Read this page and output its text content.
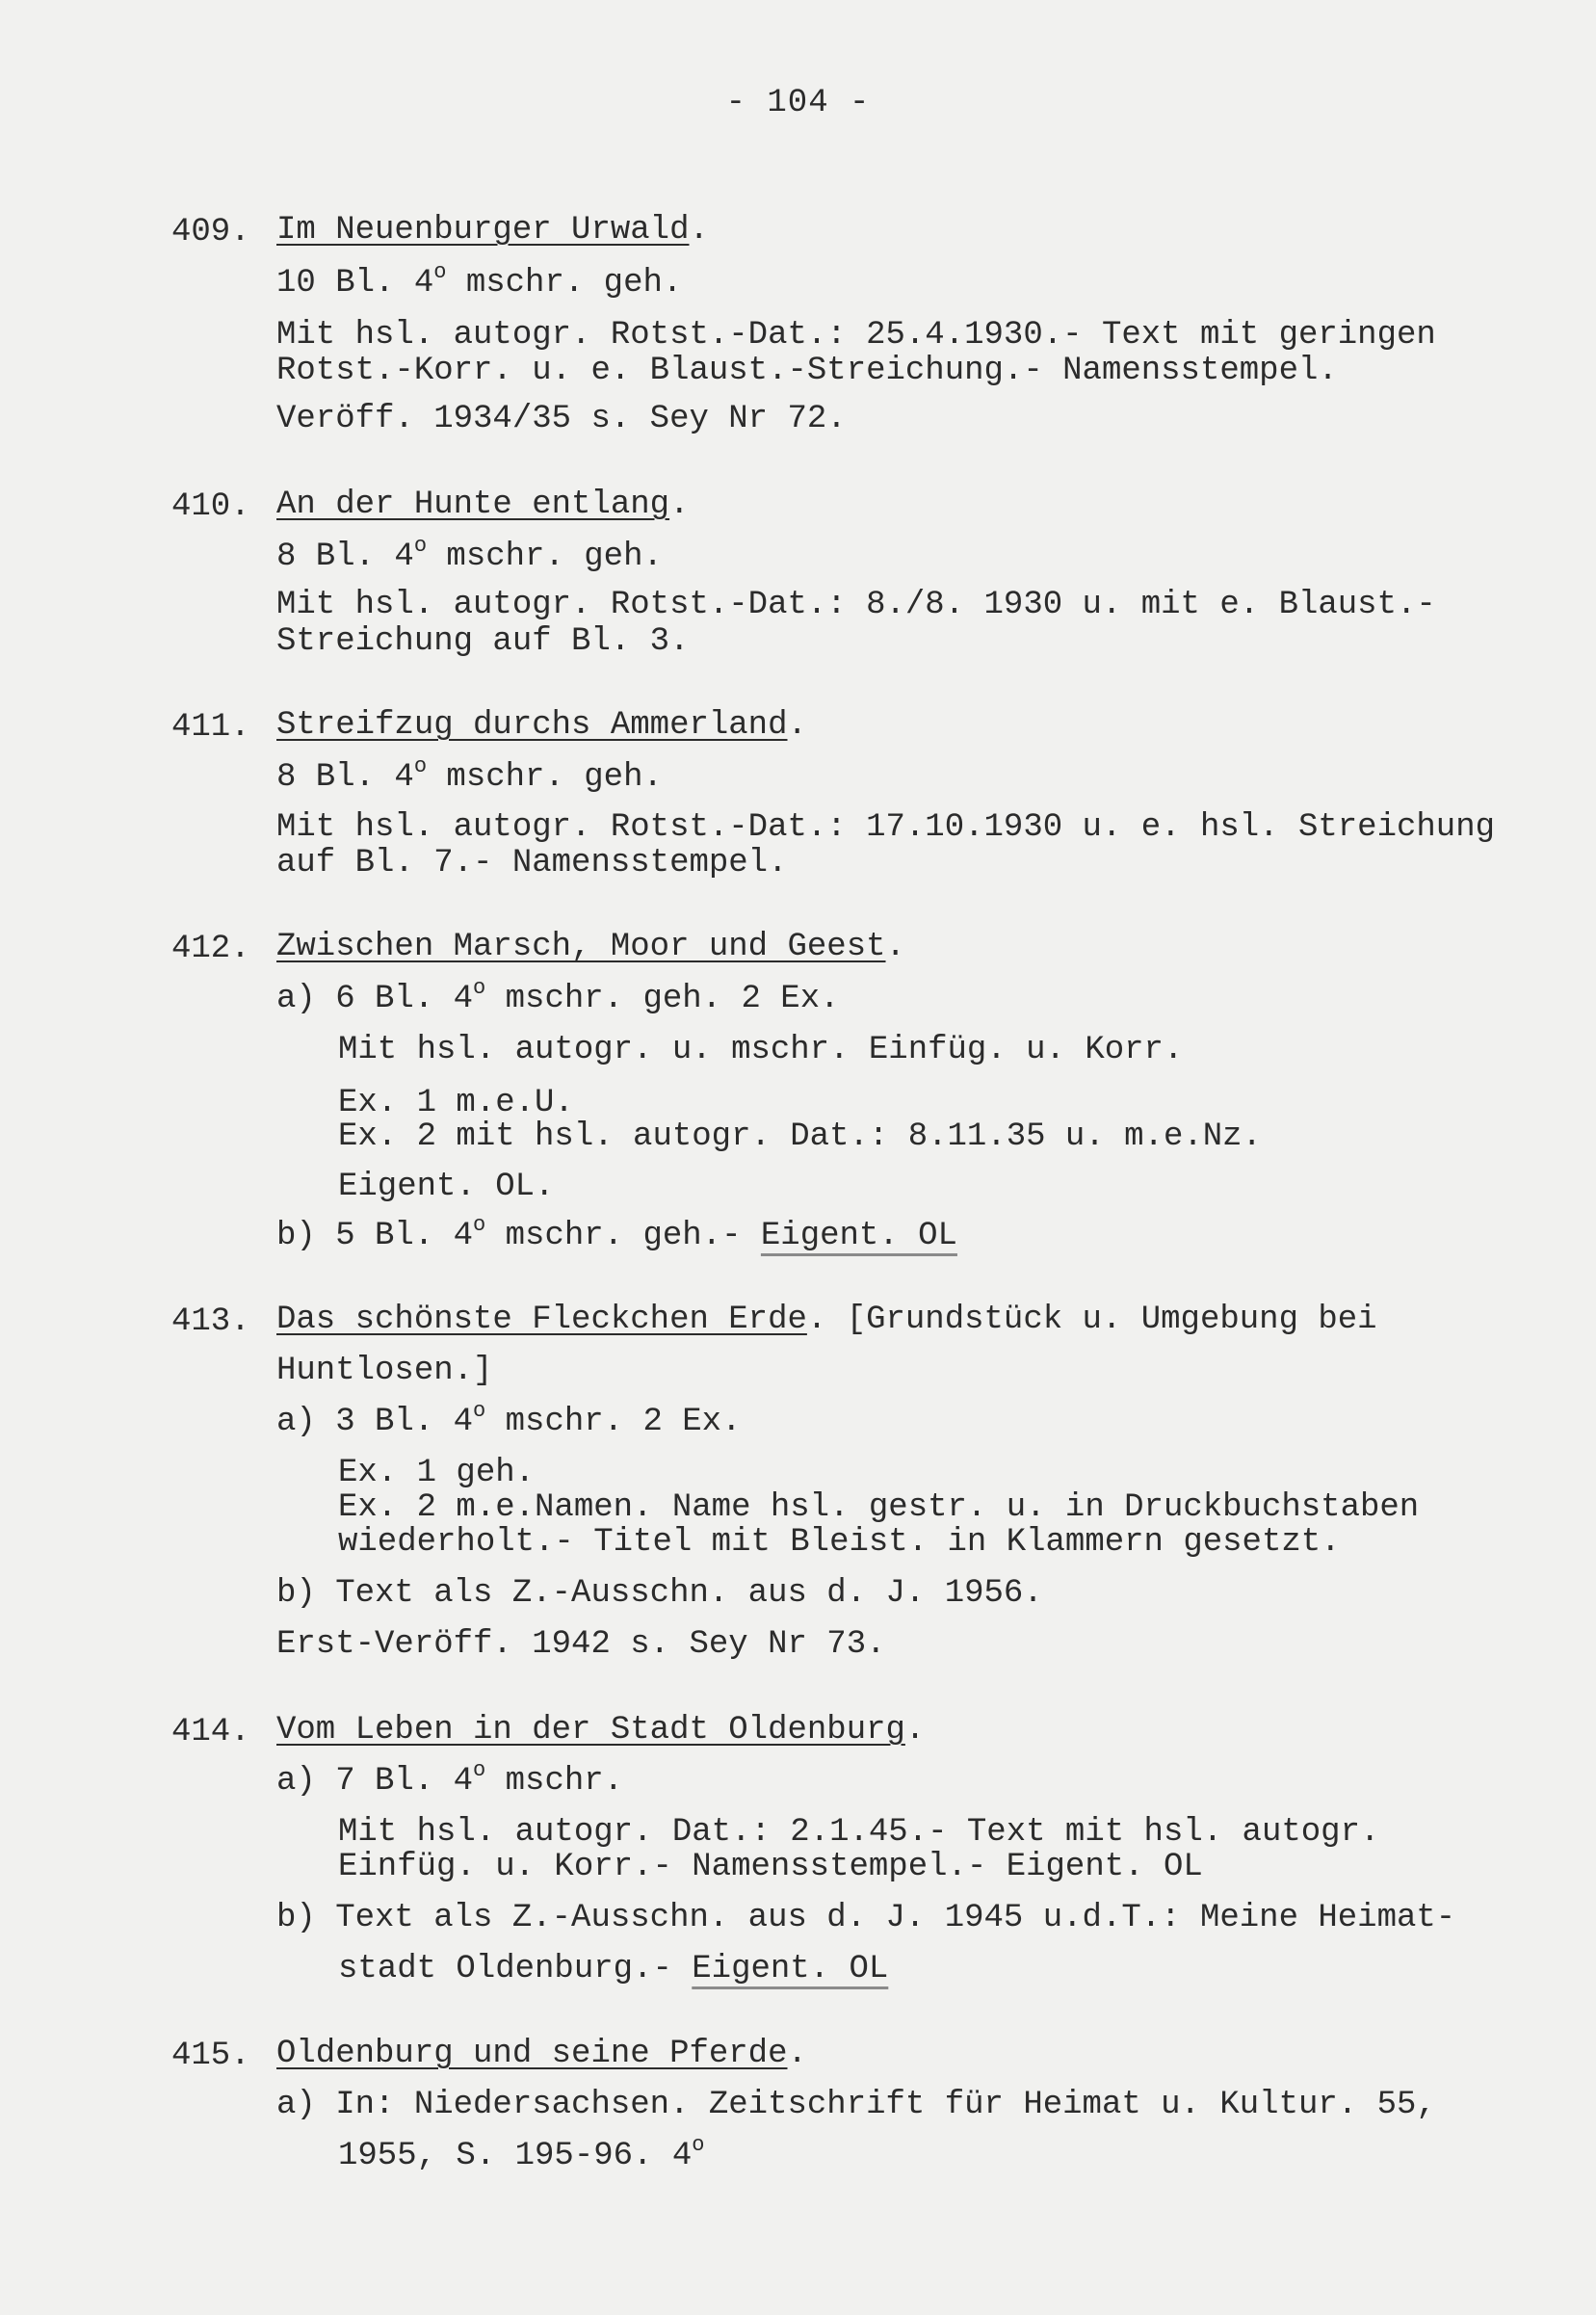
- 104 -
409. Im Neuenburger Urwald.
10 Bl. 4$^o$ mschr. geh.
Mit hsl. autogr. Rotst.-Dat.: 25.4.1930.- Text mit geringen
Rotst.-Korr. u. e. Blaust.-Streichung.- Namensstempel.
Veröff. 1934/35 s. Sey Nr 72.
410. An der Hunte entlang.
8 Bl. 4$^o$ mschr. geh.
Mit hsl. autogr. Rotst.-Dat.: 8./8. 1930 u. mit e. Blaust.-
Streichung auf Bl. 3.
411. Streifzug durchs Ammerland.
8 Bl. 4$^o$ mschr. geh.
Mit hsl. autogr. Rotst.-Dat.: 17.10.1930 u. e. hsl. Streichung
auf Bl. 7.- Namensstempel.
412. Zwischen Marsch, Moor und Geest.
a) 6 Bl. 4$^o$ mschr. geh. 2 Ex.
Mit hsl. autogr. u. mschr. Einfüg. u. Korr.
Ex. 1 m.e.U.
Ex. 2 mit hsl. autogr. Dat.: 8.11.35 u. m.e.Nz.
Eigent. OL.
b) 5 Bl. 4$^o$ mschr. geh.- Eigent. OL
413. Das schönste Fleckchen Erde. [Grundstück u. Umgebung bei
Huntlosen.]
a) 3 Bl. 4$^o$ mschr. 2 Ex.
Ex. 1 geh.
Ex. 2 m.e.Namen. Name hsl. gestr. u. in Druckbuchstaben
wiederholt.- Titel mit Bleist. in Klammern gesetzt.
b) Text als Z.-Ausschn. aus d. J. 1956.
Erst-Veröff. 1942 s. Sey Nr 73.
414. Vom Leben in der Stadt Oldenburg.
a) 7 Bl. 4$^o$ mschr.
Mit hsl. autogr. Dat.: 2.1.45.- Text mit hsl. autogr.
Einfüg. u. Korr.- Namensstempel.- Eigent. OL
b) Text als Z.-Ausschn. aus d. J. 1945 u.d.T.: Meine Heimat-
stadt Oldenburg.- Eigent. OL
415. Oldenburg und seine Pferde.
a) In: Niedersachsen. Zeitschrift für Heimat u. Kultur. 55,
1955, S. 195-96. 4$^o$
